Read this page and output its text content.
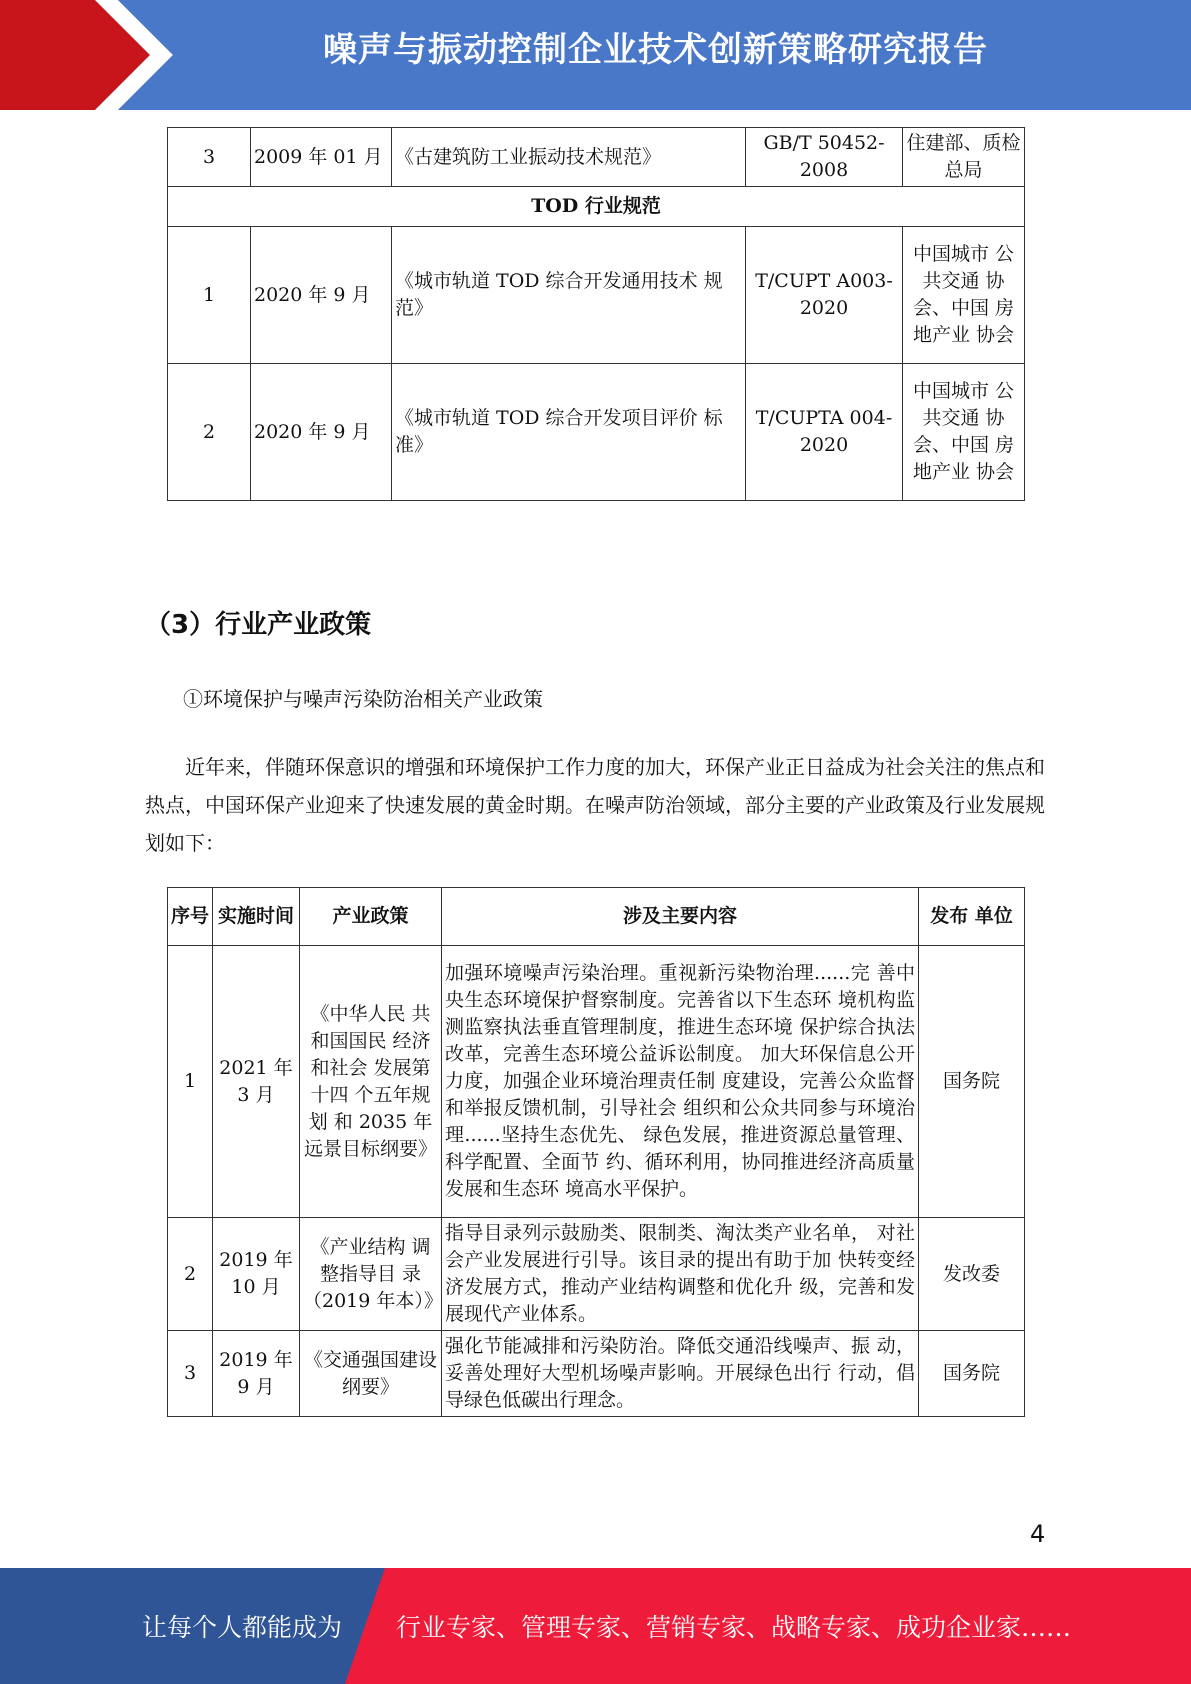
噪声与振动控制企业技术创新策略研究报告
3	2009 年 01 月	《古建筑防工业振动技术规范》	GB/T 50452-2008	住建部、质检总局
TOD 行业规范				
1	2020 年 9 月	《城市轨道 TOD 综合开发通用技术 规范》	T/CUPT A003-2020	中国城市 公共交通 协会、中国 房地产业 协会
2	2020 年 9 月	《城市轨道 TOD 综合开发项目评价 标准》	T/CUPTA 004-2020	中国城市 公共交通 协会、中国 房地产业 协会
（3）行业产业政策
①环境保护与噪声污染防治相关产业政策
近年来，伴随环保意识的增强和环境保护工作力度的加大，环保产业正日益成为社会关注的焦点和热点，中国环保产业迎来了快速发展的黄金时期。在噪声防治领域，部分主要的产业政策及行业发展规划如下：
序号	实施时间	产业政策	涉及主要内容	发布 单位
1	2021 年 3 月	《中华人民 共和国国民 经济和社会 发展第十四 个五年规划 和 2035 年远景目标纲要》	加强环境噪声污染治理。重视新污染物治理......完 善中央生态环境保护督察制度。完善省以下生态环 境机构监测监察执法垂直管理制度，推进生态环境 保护综合执法改革，完善生态环境公益诉讼制度。 加大环保信息公开力度，加强企业环境治理责任制 度建设，完善公众监督和举报反馈机制，引导社会 组织和公众共同参与环境治理......坚持生态优先、 绿色发展，推进资源总量管理、科学配置、全面节 约、循环利用，协同推进经济高质量发展和生态环 境高水平保护。	国务院
2	2019 年 10 月	《产业结构 调整指导目 录（2019 年本）》	指导目录列示鼓励类、限制类、淘汰类产业名单， 对社会产业发展进行引导。该目录的提出有助于加 快转变经济发展方式，推动产业结构调整和优化升 级，完善和发展现代产业体系。	发改委
3	2019 年 9 月	《交通强国建设纲要》	强化节能减排和污染防治。降低交通沿线噪声、振 动，妥善处理好大型机场噪声影响。开展绿色出行 行动，倡导绿色低碳出行理念。	国务院
4
让每个人都能成为 行业专家、管理专家、营销专家、战略专家、成功企业家……
